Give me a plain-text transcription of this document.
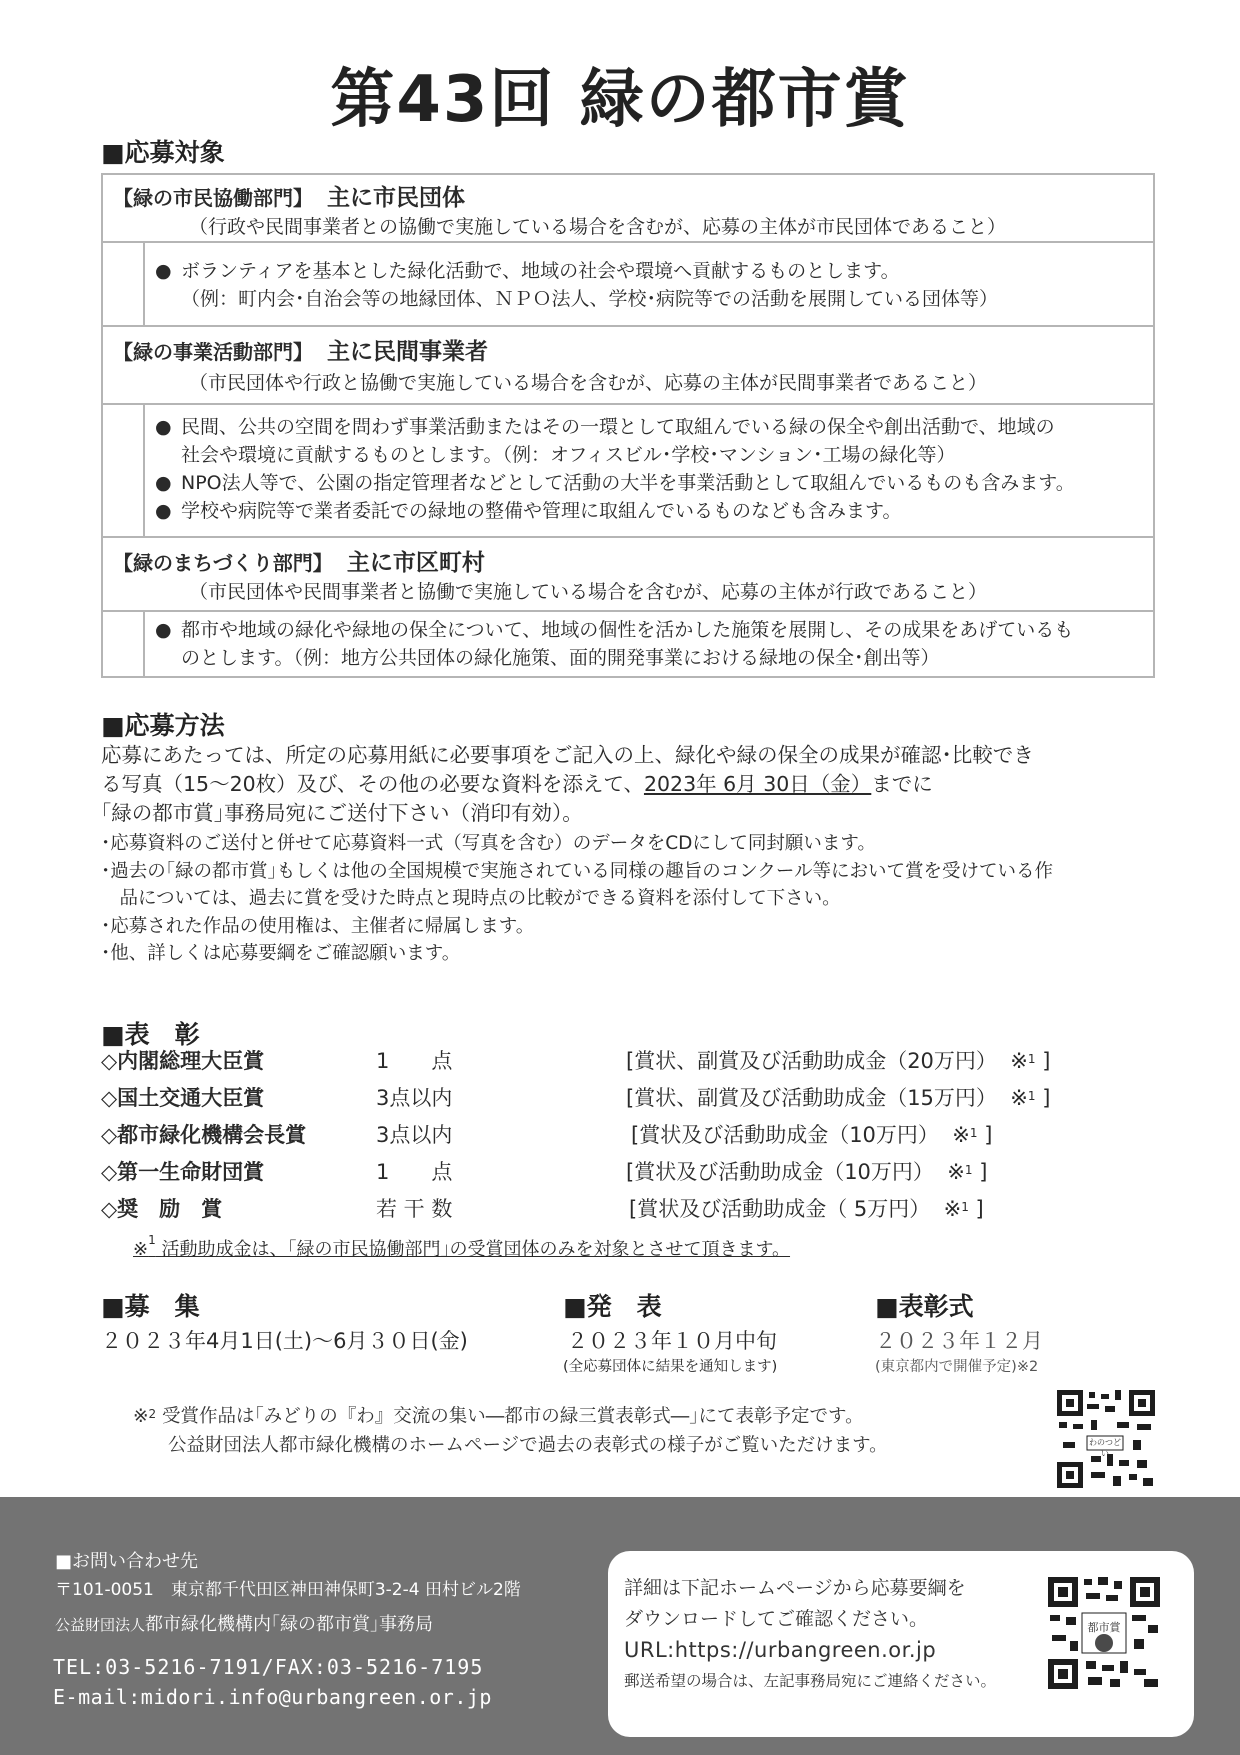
第43回 緑の都市賞
■応募対象
【緑の市民協働部門】 主に市民団体
（行政や民間事業者との協働で実施している場合を含むが、応募の主体が市民団体であること）
● ボランティアを基本とした緑化活動で、地域の社会や環境へ貢献するものとします。
（例：町内会･自治会等の地縁団体、ＮＰＯ法人、学校･病院等での活動を展開している団体等）
【緑の事業活動部門】 主に民間事業者
（市民団体や行政と協働で実施している場合を含むが、応募の主体が民間事業者であること）
● 民間、公共の空間を問わず事業活動またはその一環として取組んでいる緑の保全や創出活動で、地域の
社会や環境に貢献するものとします。（例：オフィスビル･学校･マンション･工場の緑化等）
● NPO法人等で、公園の指定管理者などとして活動の大半を事業活動として取組んでいるものも含みます。
● 学校や病院等で業者委託での緑地の整備や管理に取組んでいるものなども含みます。
【緑のまちづくり部門】 主に市区町村
（市民団体や民間事業者と協働で実施している場合を含むが、応募の主体が行政であること）
● 都市や地域の緑化や緑地の保全について、地域の個性を活かした施策を展開し、その成果をあげているも
のとします。（例：地方公共団体の緑化施策、面的開発事業における緑地の保全･創出等）
■応募方法
応募にあたっては、所定の応募用紙に必要事項をご記入の上、緑化や緑の保全の成果が確認･比較でき
る写真（15～20枚）及び、その他の必要な資料を添えて、2023年 6月 30日（金）までに
｢緑の都市賞｣事務局宛にご送付下さい（消印有効）。
･応募資料のご送付と併せて応募資料一式（写真を含む）のデータをCDにして同封願います。
･過去の｢緑の都市賞｣もしくは他の全国規模で実施されている同様の趣旨のコンクール等において賞を受けている作
　品については、過去に賞を受けた時点と現時点の比較ができる資料を添付して下さい。
･応募された作品の使用権は、主催者に帰属します。
･他、詳しくは応募要綱をご確認願います。
■表　彰
◇内閣総理大臣賞	1　　点	[賞状、副賞及び活動助成金（20万円） ※$^1$ ]
◇国土交通大臣賞	3点以内	[賞状、副賞及び活動助成金（15万円） ※$^1$ ]
◇都市緑化機構会長賞	3点以内	[賞状及び活動助成金（10万円） ※$^1$ ]
◇第一生命財団賞	1　　点	[賞状及び活動助成金（10万円） ※$^1$ ]
◇奨　励　賞	若 干 数	[賞状及び活動助成金（ 5万円） ※$^1$ ]
※$^1$ 活動助成金は、｢緑の市民協働部門｣の受賞団体のみを対象とさせて頂きます。
■募　集
２０２３年4月1日(土)～6月３０日(金)
■発　表
２０２３年１０月中旬
(全応募団体に結果を通知します)
■表彰式
２０２３年１２月
(東京都内で開催予定)※2
※$^2$ 受賞作品は｢みどりの『わ』交流の集い―都市の緑三賞表彰式―｣にて表彰予定です。
公益財団法人都市緑化機構のホームページで過去の表彰式の様子がご覧いただけます。	わのつどい
■お問い合わせ先
〒101-0051　東京都千代田区神田神保町3-2-4 田村ビル2階
公益財団法人都市緑化機構内｢緑の都市賞｣事務局
TEL:03-5216-7191/FAX:03-5216-7195
E-mail:midori.info@urbangreen.or.jp
詳細は下記ホームページから応募要綱を
ダウンロードしてご確認ください。
URL:https://urbangreen.or.jp
郵送希望の場合は、左記事務局宛にご連絡ください。
都市賞
